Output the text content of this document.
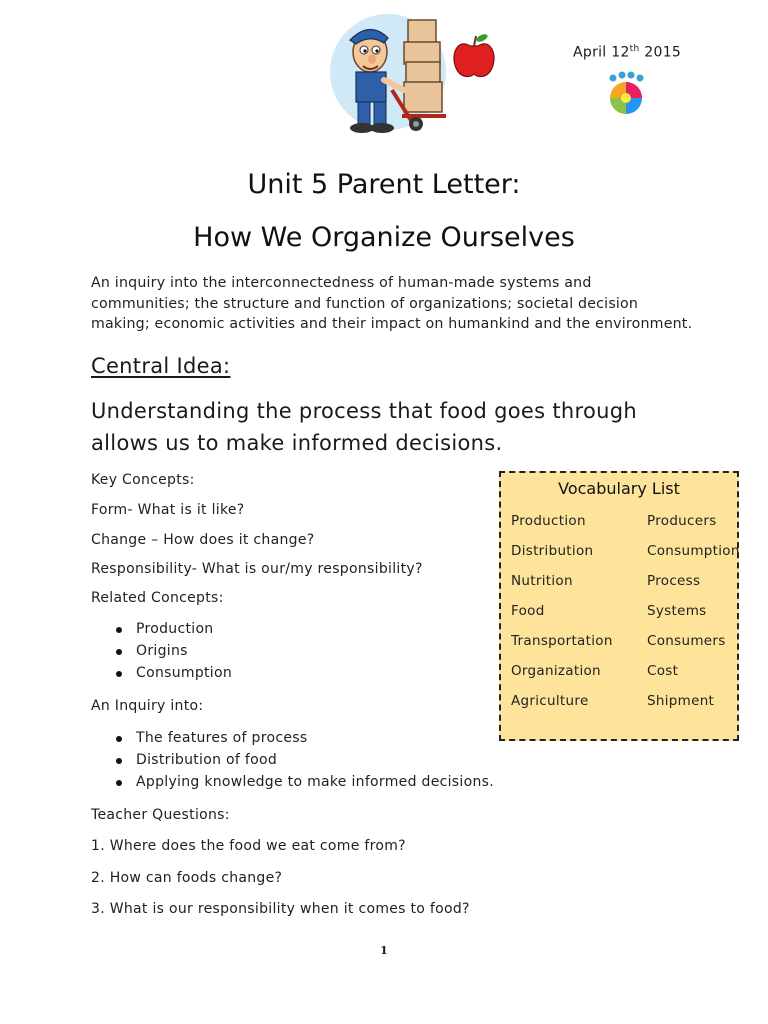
April 12th 2015
Unit 5 Parent Letter:
How We Organize Ourselves
An inquiry into the interconnectedness of human-made systems and
communities; the structure and function of organizations; societal decision
making; economic activities and their impact on humankind and the environment.
Central Idea:
Understanding the process that food goes through
allows us to make informed decisions.
Key Concepts:
Form- What is it like?
Change – How does it change?
Responsibility- What is our/my responsibility?
Related Concepts:
Production
Origins
Consumption
An Inquiry into:
The features of process
Distribution of food
Applying knowledge to make informed decisions.
Teacher Questions:
1. Where does the food we eat come from?
2. How can foods change?
3. What is our responsibility when it comes to food?
Vocabulary List
Production	Producers
Distribution	Consumption
Nutrition	Process
Food	Systems
Transportation	Consumers
Organization	Cost
Agriculture	Shipment
1
